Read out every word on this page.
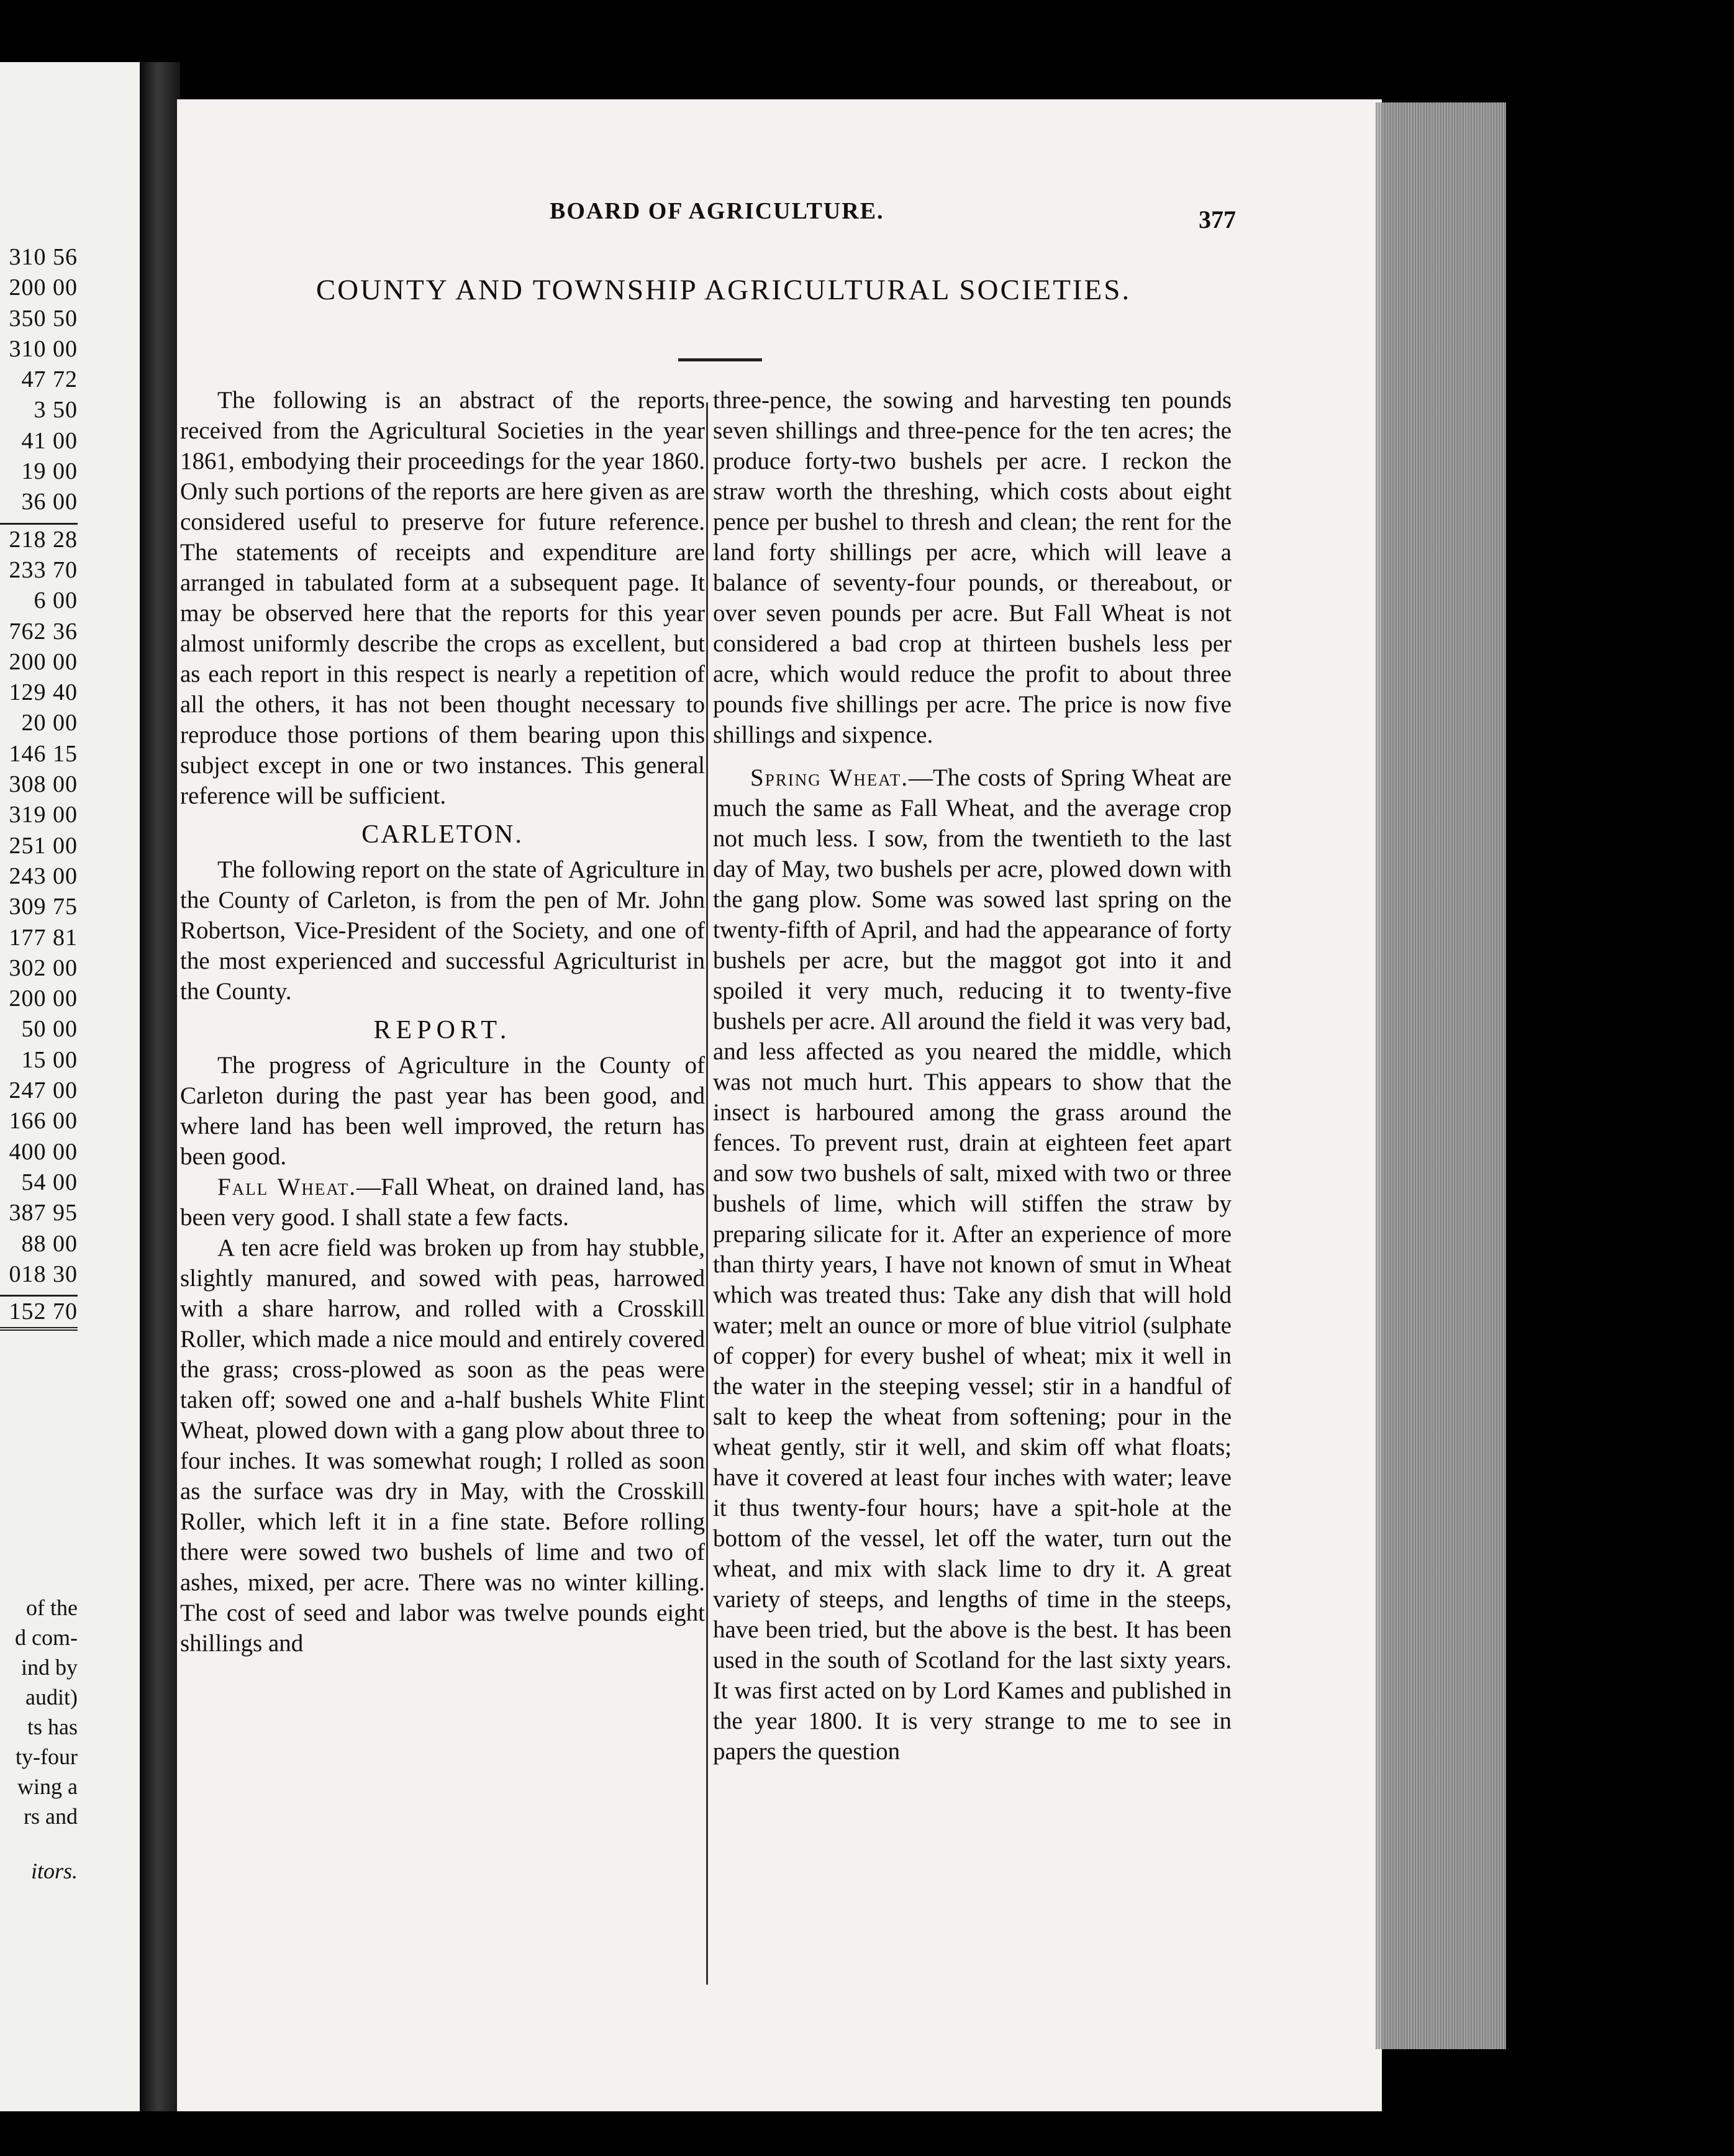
310 56
200 00
350 50
310 00
47 72
3 50
41 00
19 00
36 00
218 28
233 70
6 00
762 36
200 00
129 40
20 00
146 15
308 00
319 00
251 00
243 00
309 75
177 81
302 00
200 00
50 00
15 00
247 00
166 00
400 00
54 00
387 95
88 00
018 30
152 70
of the
d com-
ind by
audit)
ts has
ty-four
wing a
rs and
itors.
BOARD OF AGRICULTURE.	377
COUNTY AND TOWNSHIP AGRICULTURAL SOCIETIES.

The following is an abstract of the reports received from the Agricultural Societies in the year 1861, embodying their proceedings for the year 1860. Only such portions of the reports are here given as are considered useful to preserve for future reference. The statements of receipts and expenditure are arranged in tabulated form at a subsequent page. It may be observed here that the reports for this year almost uniformly describe the crops as excellent, but as each report in this respect is nearly a repetition of all the others, it has not been thought necessary to reproduce those portions of them bearing upon this subject except in one or two instances. This general reference will be sufficient.

CARLETON.

The following report on the state of Agriculture in the County of Carleton, is from the pen of Mr. John Robertson, Vice-President of the Society, and one of the most experienced and successful Agriculturist in the County.

REPORT.

The progress of Agriculture in the County of Carleton during the past year has been good, and where land has been well improved, the return has been good.

Fall Wheat.—Fall Wheat, on drained land, has been very good. I shall state a few facts.

A ten acre field was broken up from hay stubble, slightly manured, and sowed with peas, harrowed with a share harrow, and rolled with a Crosskill Roller, which made a nice mould and entirely covered the grass; cross-plowed as soon as the peas were taken off; sowed one and a-half bushels White Flint Wheat, plowed down with a gang plow about three to four inches. It was somewhat rough; I rolled as soon as the surface was dry in May, with the Crosskill Roller, which left it in a fine state. Before rolling there were sowed two bushels of lime and two of ashes, mixed, per acre. There was no winter killing. The cost of seed and labor was twelve pounds eight shillings and

three-pence, the sowing and harvesting ten pounds seven shillings and three-pence for the ten acres; the produce forty-two bushels per acre. I reckon the straw worth the threshing, which costs about eight pence per bushel to thresh and clean; the rent for the land forty shillings per acre, which will leave a balance of seventy-four pounds, or thereabout, or over seven pounds per acre. But Fall Wheat is not considered a bad crop at thirteen bushels less per acre, which would reduce the profit to about three pounds five shillings per acre. The price is now five shillings and sixpence.

Spring Wheat.—The costs of Spring Wheat are much the same as Fall Wheat, and the average crop not much less. I sow, from the twentieth to the last day of May, two bushels per acre, plowed down with the gang plow. Some was sowed last spring on the twenty-fifth of April, and had the appearance of forty bushels per acre, but the maggot got into it and spoiled it very much, reducing it to twenty-five bushels per acre. All around the field it was very bad, and less affected as you neared the middle, which was not much hurt. This appears to show that the insect is harboured among the grass around the fences. To prevent rust, drain at eighteen feet apart and sow two bushels of salt, mixed with two or three bushels of lime, which will stiffen the straw by preparing silicate for it. After an experience of more than thirty years, I have not known of smut in Wheat which was treated thus: Take any dish that will hold water; melt an ounce or more of blue vitriol (sulphate of copper) for every bushel of wheat; mix it well in the water in the steeping vessel; stir in a handful of salt to keep the wheat from softening; pour in the wheat gently, stir it well, and skim off what floats; have it covered at least four inches with water; leave it thus twenty-four hours; have a spit-hole at the bottom of the vessel, let off the water, turn out the wheat, and mix with slack lime to dry it. A great variety of steeps, and lengths of time in the steeps, have been tried, but the above is the best. It has been used in the south of Scotland for the last sixty years. It was first acted on by Lord Kames and published in the year 1800. It is very strange to me to see in papers the question
